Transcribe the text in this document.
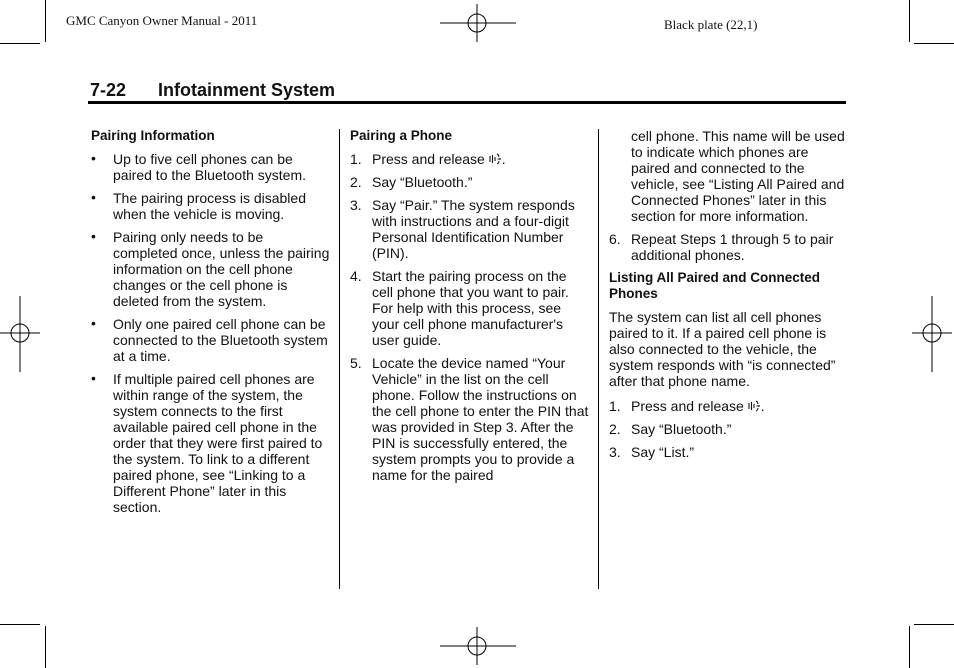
GMC Canyon Owner Manual - 2011	Black plate (22,1)
7-22 Infotainment System
Pairing Information
• Up to five cell phones can be paired to the Bluetooth system.
• The pairing process is disabled when the vehicle is moving.
• Pairing only needs to be completed once, unless the pairing information on the cell phone changes or the cell phone is deleted from the system.
• Only one paired cell phone can be connected to the Bluetooth system at a time.
• If multiple paired cell phones are within range of the system, the system connects to the first available paired cell phone in the order that they were first paired to the system. To link to a different paired phone, see “Linking to a Different Phone” later in this section.
Pairing a Phone
1. Press and release .
2. Say “Bluetooth.”
3. Say “Pair.” The system responds with instructions and a four-digit Personal Identification Number (PIN).
4. Start the pairing process on the cell phone that you want to pair. For help with this process, see your cell phone manufacturer's user guide.
5. Locate the device named “Your Vehicle” in the list on the cell phone. Follow the instructions on the cell phone to enter the PIN that was provided in Step 3. After the PIN is successfully entered, the system prompts you to provide a name for the paired
cell phone. This name will be used to indicate which phones are paired and connected to the vehicle, see “Listing All Paired and Connected Phones” later in this section for more information.
6. Repeat Steps 1 through 5 to pair additional phones.
Listing All Paired and Connected Phones
The system can list all cell phones paired to it. If a paired cell phone is also connected to the vehicle, the system responds with “is connected” after that phone name.
1. Press and release .
2. Say “Bluetooth.”
3. Say “List.”
